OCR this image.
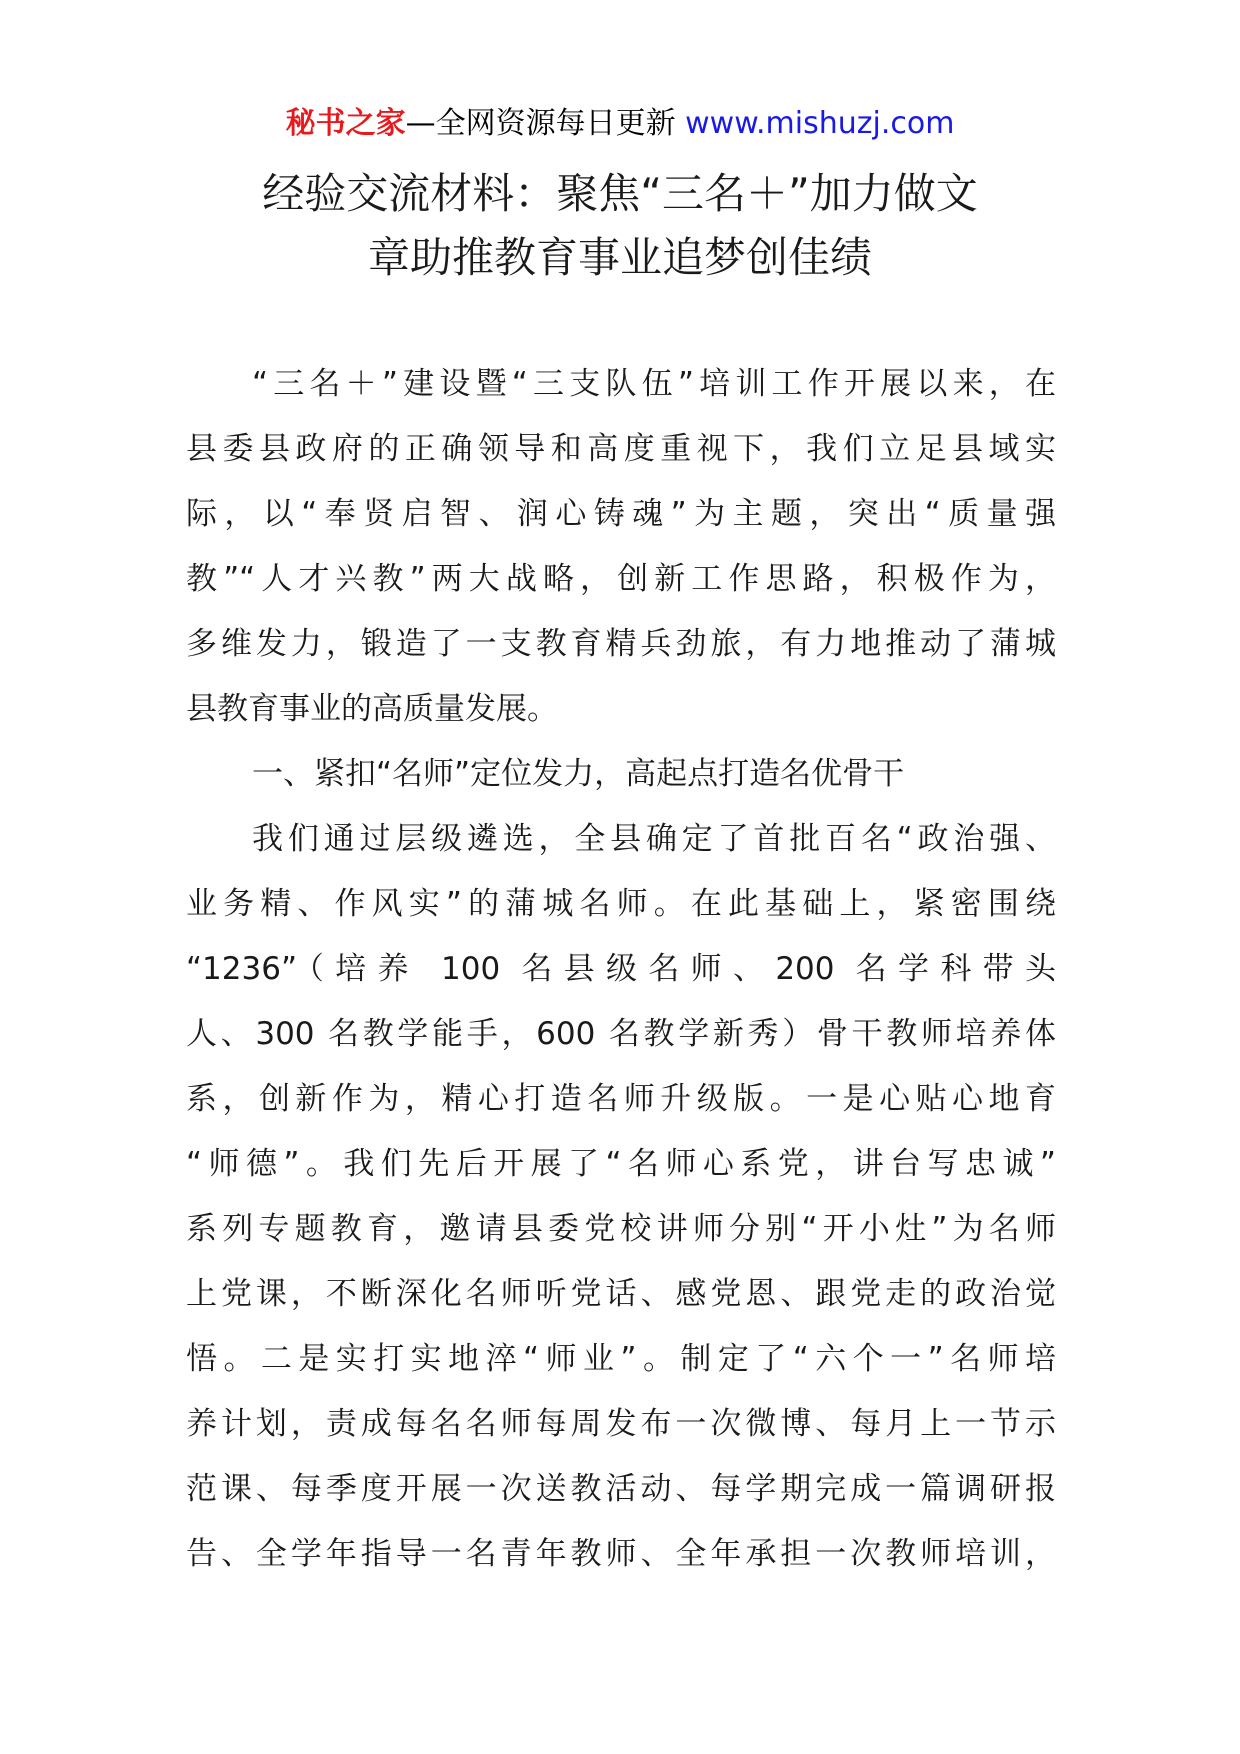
秘书之家—全网资源每日更新 www.mishuzj.com
经验交流材料：聚焦“三名＋”加力做文
章助推教育事业追梦创佳绩
“三名＋”建设暨“三支队伍”培训工作开展以来，在
县委县政府的正确领导和高度重视下，我们立足县域实
际，以“奉贤启智、润心铸魂”为主题，突出“质量强
教”“人才兴教”两大战略，创新工作思路，积极作为，
多维发力，锻造了一支教育精兵劲旅，有力地推动了蒲城
县教育事业的高质量发展。
一、紧扣“名师”定位发力，高起点打造名优骨干
我们通过层级遴选，全县确定了首批百名“政治强、
业务精、作风实”的蒲城名师。在此基础上，紧密围绕
“1236”（培养 100 名县级名师、200 名学科带头
人、300 名教学能手，600 名教学新秀）骨干教师培养体
系，创新作为，精心打造名师升级版。一是心贴心地育
“师德”。我们先后开展了“名师心系党，讲台写忠诚”
系列专题教育，邀请县委党校讲师分别“开小灶”为名师
上党课，不断深化名师听党话、感党恩、跟党走的政治觉
悟。二是实打实地淬“师业”。制定了“六个一”名师培
养计划，责成每名名师每周发布一次微博、每月上一节示
范课、每季度开展一次送教活动、每学期完成一篇调研报
告、全学年指导一名青年教师、全年承担一次教师培训，
